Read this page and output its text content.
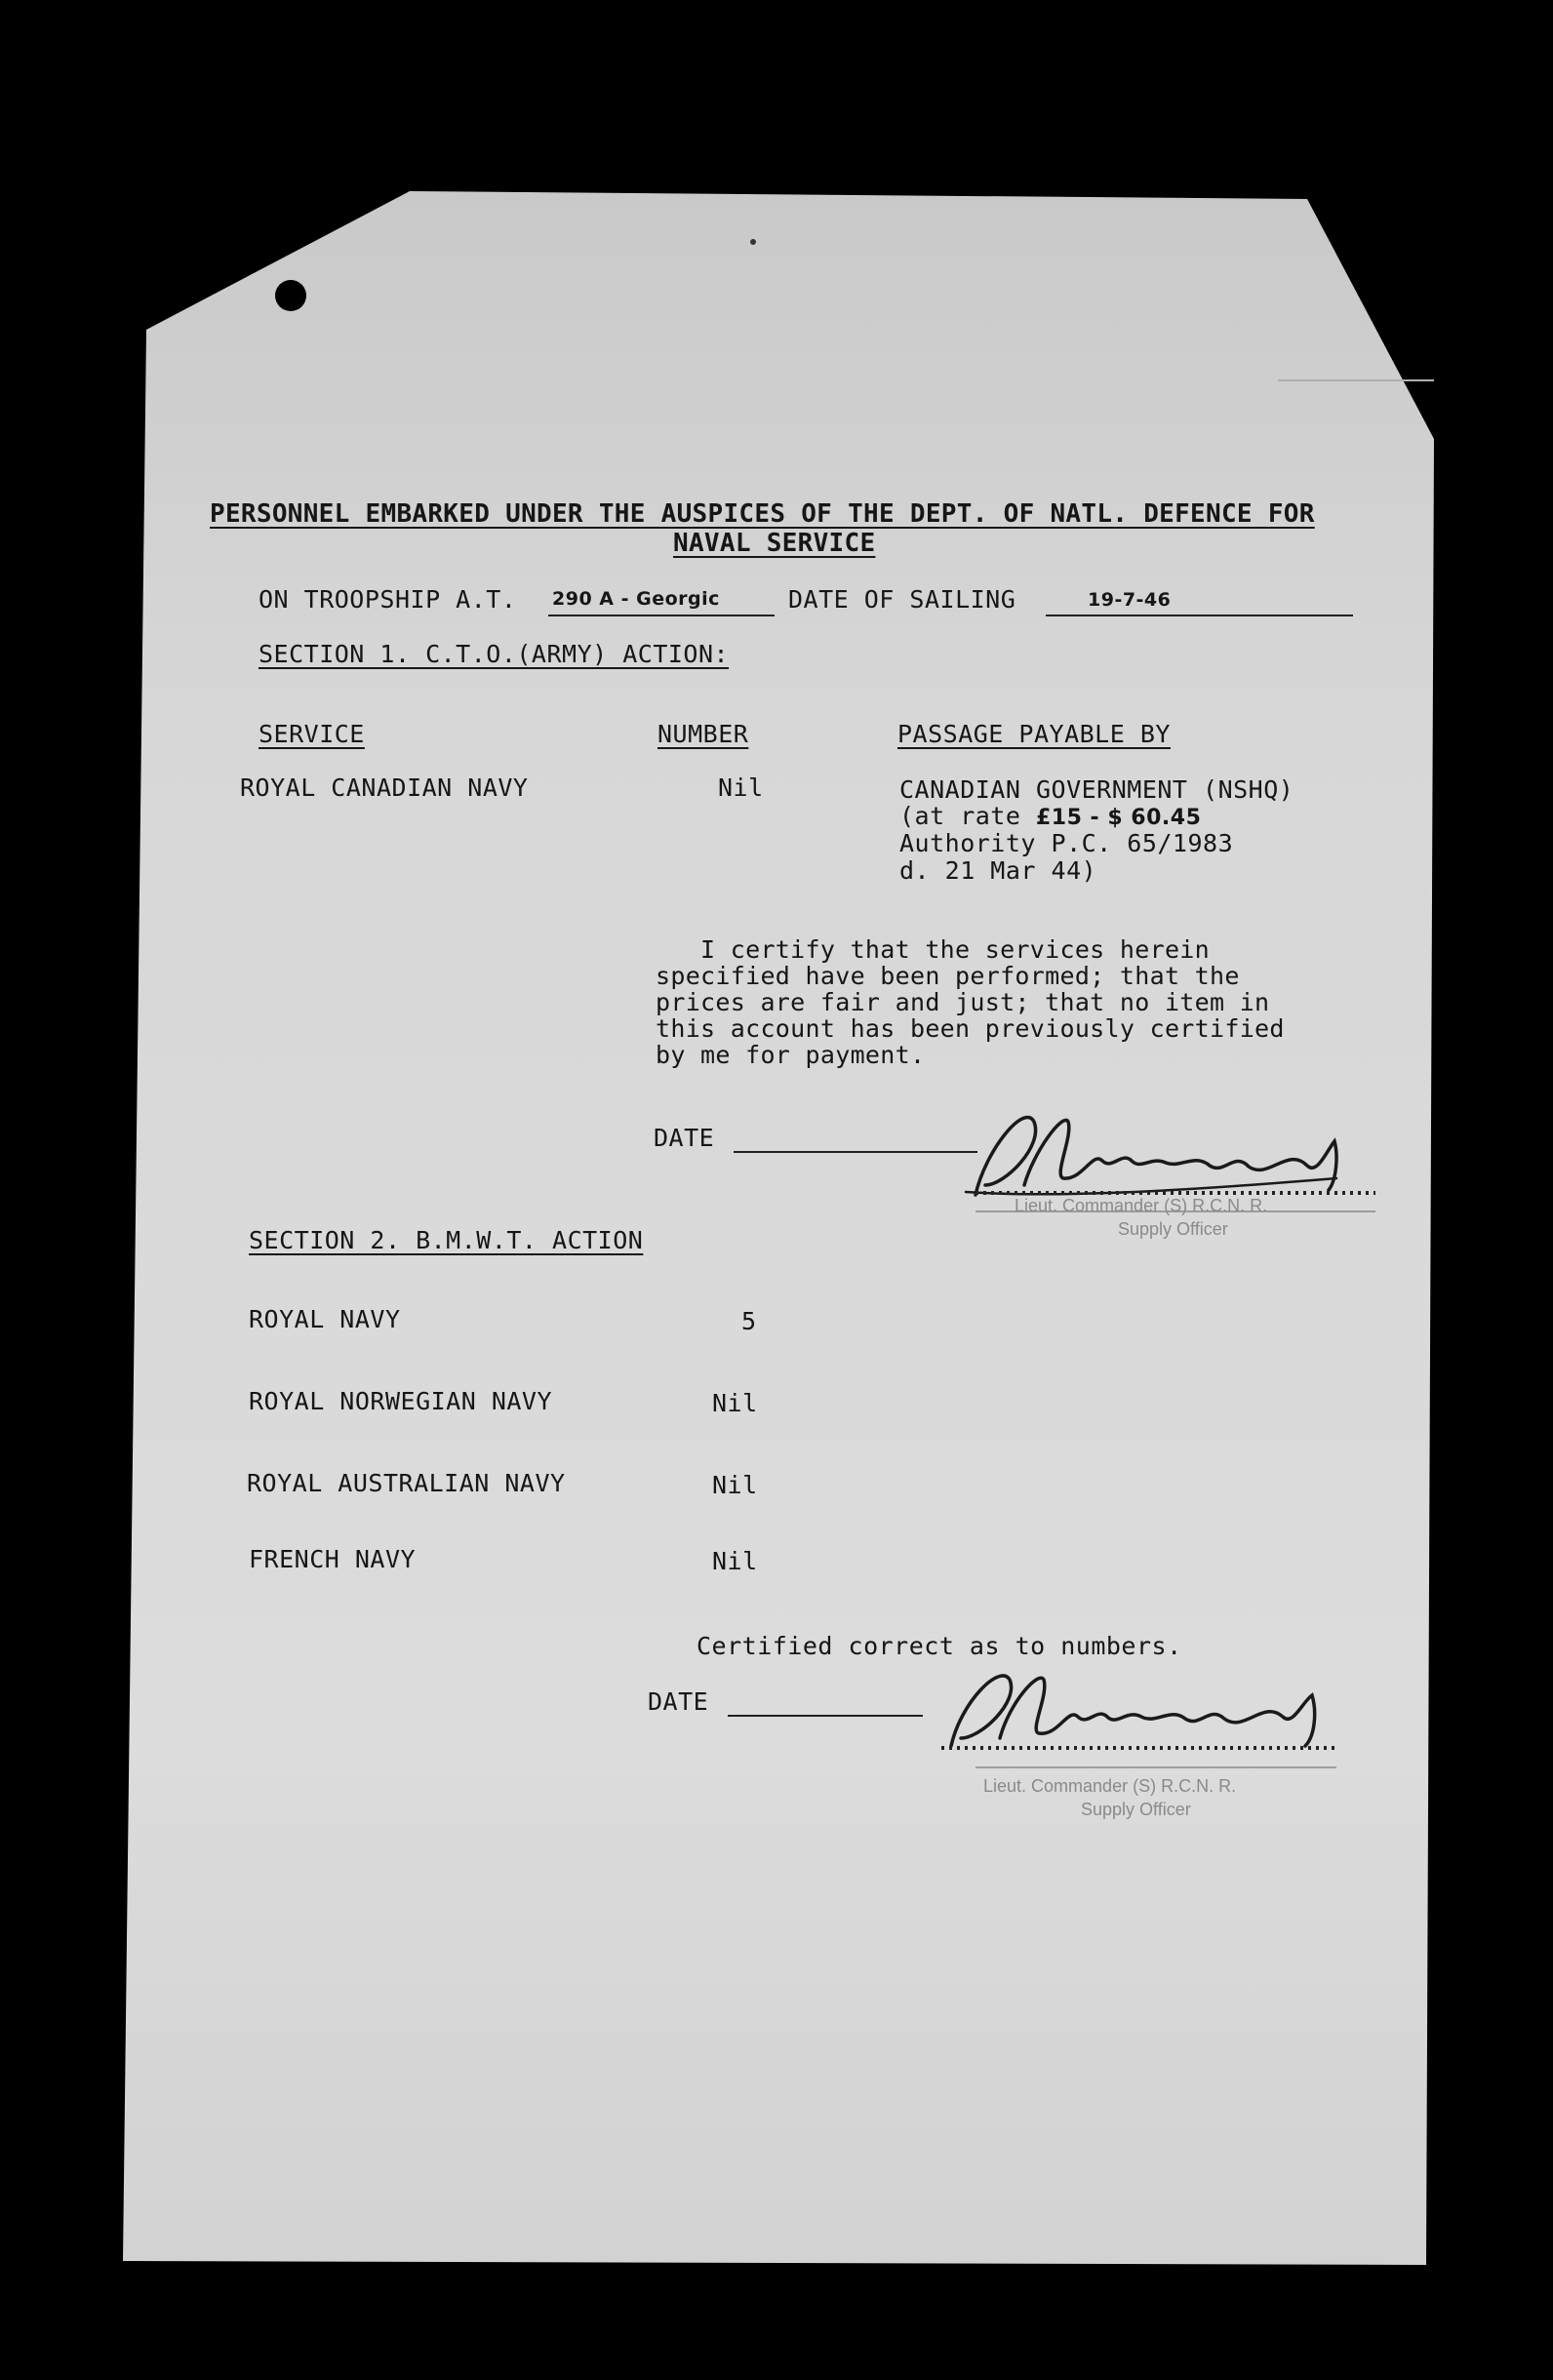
PERSONNEL EMBARKED UNDER THE AUSPICES OF THE DEPT. OF NATL. DEFENCE FOR
NAVAL SERVICE
ON TROOPSHIP A.T. 290 A - Georgic	DATE OF SAILING	19-7-46
SECTION 1. C.T.O.(ARMY) ACTION:
SERVICE	NUMBER	PASSAGE PAYABLE BY
ROYAL CANADIAN NAVY	Nil	CANADIAN GOVERNMENT (NSHQ)
(at rate £15 - $ 60.45
Authority P.C. 65/1983
d. 21 Mar 44)
I certify that the services herein
specified have been performed; that the
prices are fair and just; that no item in
this account has been previously certified
by me for payment.
DATE
Lieut. Commander (S) R.C.N. R.
Supply Officer
SECTION 2. B.M.W.T. ACTION
ROYAL NAVY	5
ROYAL NORWEGIAN NAVY	Nil
ROYAL AUSTRALIAN NAVY	Nil
FRENCH NAVY	Nil
Certified correct as to numbers.
DATE
Lieut. Commander (S) R.C.N. R.
Supply Officer
